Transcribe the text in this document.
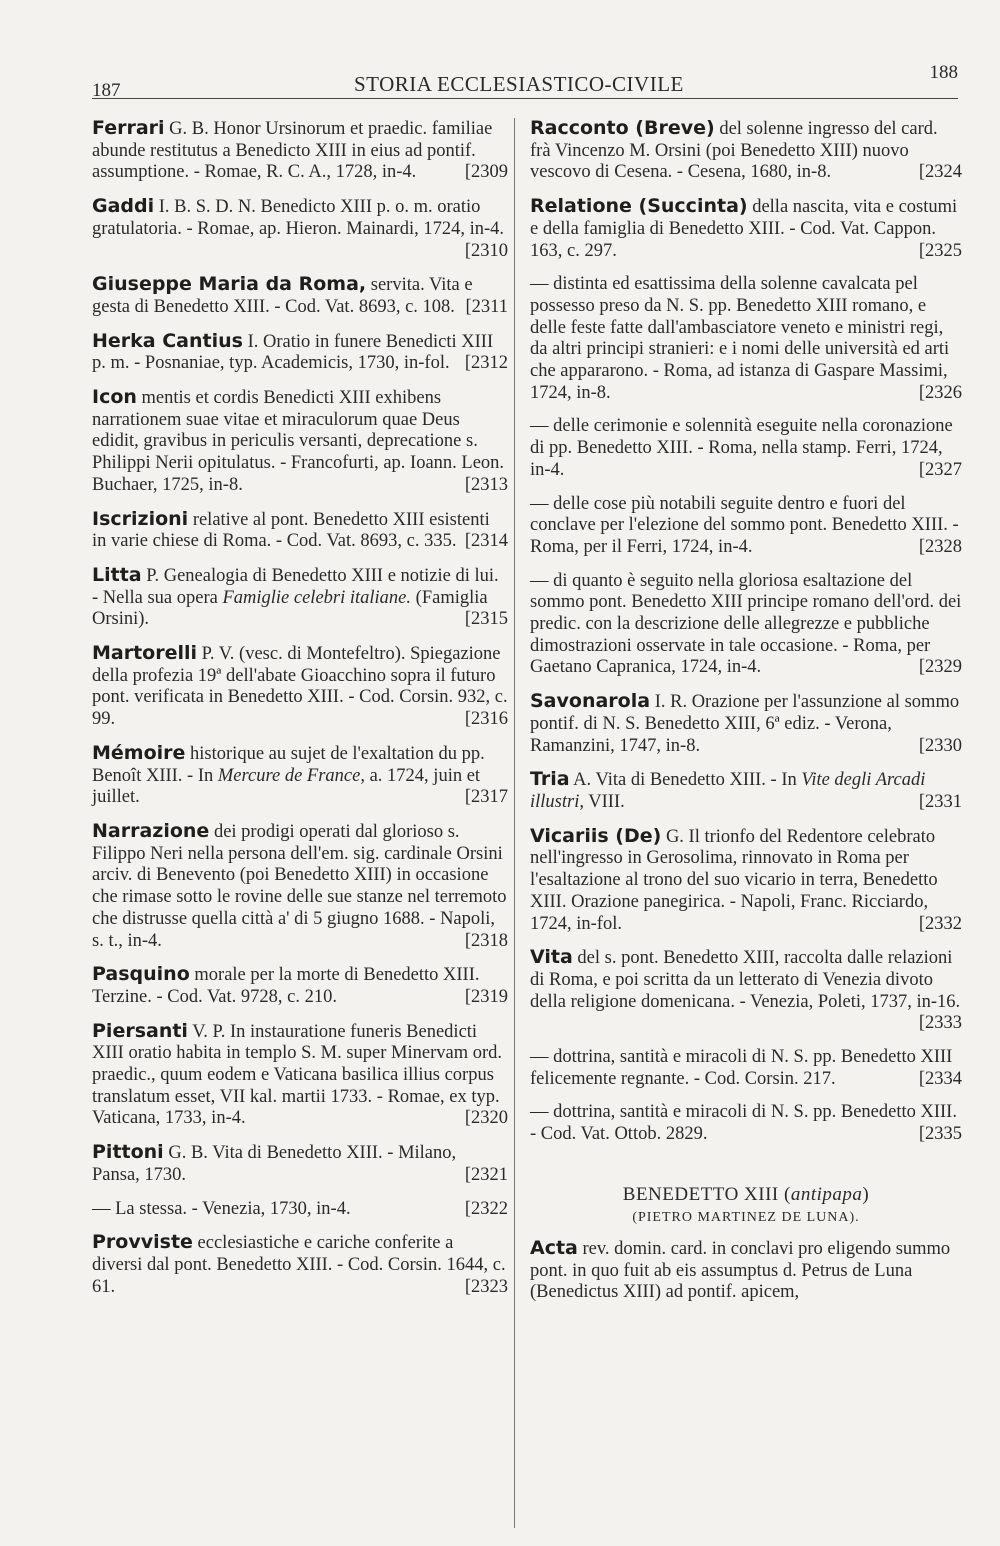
187	STORIA ECCLESIASTICO-CIVILE	188

Ferrari G. B. Honor Ursinorum et praedic. familiae abunde restitutus a Benedicto XIII in eius ad pontif. assumptione. - Romae, R. C. A., 1728, in-4.	[ 2309

Gaddi I. B. S. D. N. Benedicto XIII p. o. m. oratio gratulatoria. - Romae, ap. Hieron. Mainardi, 1724, in-4.
[ 2310

Giuseppe Maria da Roma, servita. Vita e gesta di Benedetto XIII. - Cod. Vat. 8693, c. 108. [ 2311

Herka Cantius I. Oratio in funere Benedicti XIII p. m. - Posnaniae, typ. Academicis, 1730, in-fol.	[ 2312

Icon mentis et cordis Benedicti XIII exhibens narrationem suae vitae et miraculorum quae Deus edidit, gravibus in periculis versanti, deprecatione s. Philippi Nerii opitulatus. - Francofurti, ap. Ioann. Leon. Buchaer, 1725, in-8.	[ 2313

Iscrizioni relative al pont. Benedetto XIII esistenti in varie chiese di Roma. - Cod. Vat. 8693, c. 335. [ 2314

Litta P. Genealogia di Benedetto XIII e notizie di lui. - Nella sua opera Famiglie celebri italiane. (Famiglia Orsini).	[ 2315

Martorelli P. V. (vesc. di Montefeltro). Spiegazione della profezia 19ª dell'abate Gioacchino sopra il futuro pont. verificata in Benedetto XIII. - Cod. Corsin. 932, c. 99.	[ 2316

Mémoire historique au sujet de l'exaltation du pp. Benoît XIII. - In Mercure de France, a. 1724, juin et juillet.	[ 2317

Narrazione dei prodigi operati dal glorioso s. Filippo Neri nella persona dell'em. sig. cardinale Orsini arciv. di Benevento (poi Benedetto XIII) in occasione che rimase sotto le rovine delle sue stanze nel terremoto che distrusse quella città a' di 5 giugno 1688. - Napoli, s. t., in-4.	[ 2318

Pasquino morale per la morte di Benedetto XIII. Terzine. - Cod. Vat. 9728, c. 210.	[ 2319

Piersanti V. P. In instauratione funeris Benedicti XIII oratio habita in templo S. M. super Minervam ord. praedic., quum eodem e Vaticana basilica illius corpus translatum esset, VII kal. martii 1733. - Romae, ex typ. Vaticana, 1733, in-4.	[ 2320

Pittoni G. B. Vita di Benedetto XIII. - Milano, Pansa, 1730.	[ 2321

— La stessa. - Venezia, 1730, in-4.	[ 2322

Provviste ecclesiastiche e cariche conferite a diversi dal pont. Benedetto XIII. - Cod. Corsin. 1644, c. 61.	[ 2323

Racconto (Breve) del solenne ingresso del card. frà Vincenzo M. Orsini (poi Benedetto XIII) nuovo vescovo di Cesena. - Cesena, 1680, in-8.	[ 2324

Relatione (Succinta) della nascita, vita e costumi e della famiglia di Benedetto XIII. - Cod. Vat. Cappon. 163, c. 297.	[ 2325

— distinta ed esattissima della solenne cavalcata pel possesso preso da N. S. pp. Benedetto XIII romano, e delle feste fatte dall'ambasciatore veneto e ministri regi, da altri principi stranieri: e i nomi delle università ed arti che appararono. - Roma, ad istanza di Gaspare Massimi, 1724, in-8.	[ 2326

— delle cerimonie e solennità eseguite nella coronazione di pp. Benedetto XIII. - Roma, nella stamp. Ferri, 1724, in-4.	[ 2327

— delle cose più notabili seguite dentro e fuori del conclave per l'elezione del sommo pont. Benedetto XIII. - Roma, per il Ferri, 1724, in-4.	[ 2328

— di quanto è seguito nella gloriosa esaltazione del sommo pont. Benedetto XIII principe romano dell'ord. dei predic. con la descrizione delle allegrezze e pubbliche dimostrazioni osservate in tale occasione. - Roma, per Gaetano Capranica, 1724, in-4.	[ 2329

Savonarola I. R. Orazione per l'assunzione al sommo pontif. di N. S. Benedetto XIII, 6ª ediz. - Verona, Ramanzini, 1747, in-8.	[ 2330

Tria A. Vita di Benedetto XIII. - In Vite degli Arcadi illustri, VIII.	[ 2331

Vicariis (De) G. Il trionfo del Redentore celebrato nell'ingresso in Gerosolima, rinnovato in Roma per l'esaltazione al trono del suo vicario in terra, Benedetto XIII. Orazione panegirica. - Napoli, Franc. Ricciardo, 1724, in-fol.	[ 2332

Vita del s. pont. Benedetto XIII, raccolta dalle relazioni di Roma, e poi scritta da un letterato di Venezia divoto della religione domenicana. - Venezia, Poleti, 1737, in-16.
[ 2333

— dottrina, santità e miracoli di N. S. pp. Benedetto XIII felicemente regnante. - Cod. Corsin. 217.	[ 2334

— dottrina, santità e miracoli di N. S. pp. Benedetto XIII. - Cod. Vat. Ottob. 2829.	[ 2335

BENEDETTO XIII (antipapa)
(PIETRO MARTINEZ DE LUNA).

Acta rev. domin. card. in conclavi pro eligendo summo pont. in quo fuit ab eis assumptus d. Petrus de Luna (Benedictus XIII) ad pontif. apicem,
